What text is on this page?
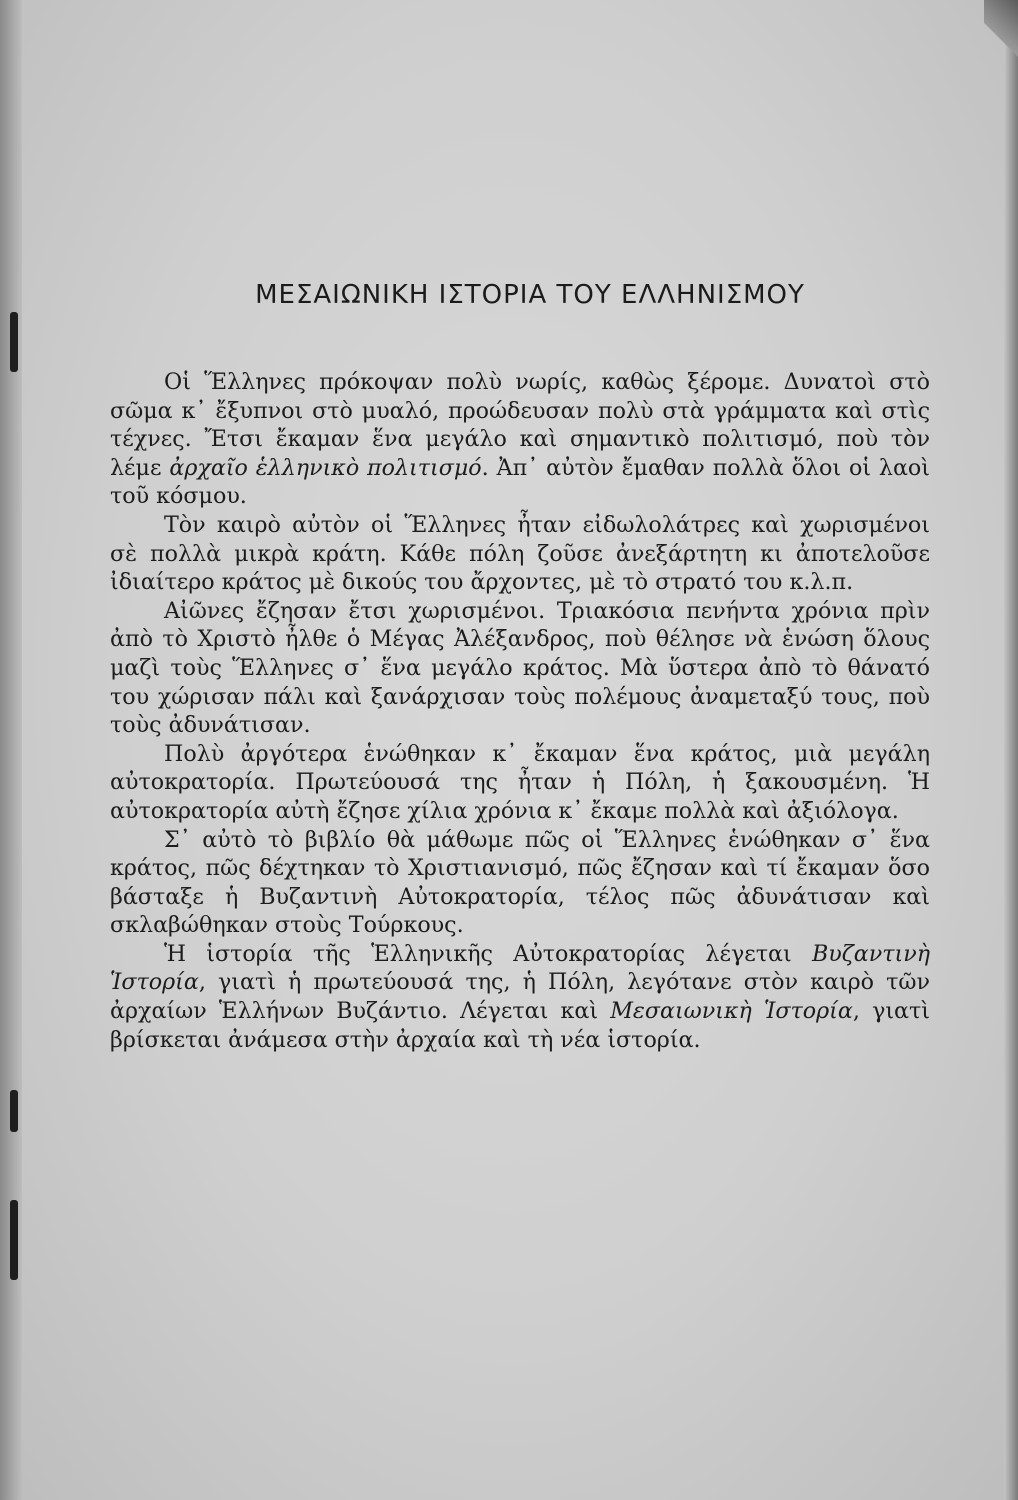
ΜΕΣΑΙΩΝΙΚΗ ΙΣΤΟΡΙΑ ΤΟΥ ΕΛΛΗΝΙΣΜΟΥ

Οἱ Ἕλληνες πρόκοψαν πολὺ νωρίς, καθὼς ξέρομε. Δυνατοὶ στὸ σῶμα κ᾽ ἔξυπνοι στὸ μυαλό, προώδευσαν πολὺ στὰ γράμματα καὶ στὶς τέχνες. Ἔτσι ἔκαμαν ἕνα μεγάλο καὶ σημαντικὸ πολιτισμό, ποὺ τὸν λέμε ἀρχαῖο ἑλληνικὸ πολιτισμό. Ἀπ᾽ αὐτὸν ἔμαθαν πολλὰ ὅλοι οἱ λαοὶ τοῦ κόσμου.

Τὸν καιρὸ αὐτὸν οἱ Ἕλληνες ἦταν εἰδωλολάτρες καὶ χωρισμένοι σὲ πολλὰ μικρὰ κράτη. Κάθε πόλη ζοῦσε ἀνεξάρτητη κι ἀποτελοῦσε ἰδιαίτερο κράτος μὲ δικούς του ἄρχοντες, μὲ τὸ στρατό του κ.λ.π.

Αἰῶνες ἔζησαν ἔτσι χωρισμένοι. Τριακόσια πενήντα χρόνια πρὶν ἀπὸ τὸ Χριστὸ ἦλθε ὁ Μέγας Ἀλέξανδρος, ποὺ θέλησε νὰ ἑνώση ὅλους μαζὶ τοὺς Ἕλληνες σ᾽ ἕνα μεγάλο κράτος. Μὰ ὕστερα ἀπὸ τὸ θάνατό του χώρισαν πάλι καὶ ξανάρχισαν τοὺς πολέμους ἀναμεταξύ τους, ποὺ τοὺς ἀδυνάτισαν.

Πολὺ ἀργότερα ἑνώθηκαν κ᾽ ἔκαμαν ἕνα κράτος, μιὰ μεγάλη αὐτοκρατορία. Πρωτεύουσά της ἦταν ἡ Πόλη, ἡ ξακουσμένη. Ἡ αὐτοκρατορία αὐτὴ ἔζησε χίλια χρόνια κ᾽ ἔκαμε πολλὰ καὶ ἀξιόλογα.

Σ᾽ αὐτὸ τὸ βιβλίο θὰ μάθωμε πῶς οἱ Ἕλληνες ἑνώθηκαν σ᾽ ἕνα κράτος, πῶς δέχτηκαν τὸ Χριστιανισμό, πῶς ἔζησαν καὶ τί ἔκαμαν ὅσο βάσταξε ἡ Βυζαντινὴ Αὐτοκρατορία, τέλος πῶς ἀδυνάτισαν καὶ σκλαβώθηκαν στοὺς Τούρκους.

Ἡ ἱστορία τῆς Ἑλληνικῆς Αὐτοκρατορίας λέγεται Βυζαντινὴ Ἱστορία, γιατὶ ἡ πρωτεύουσά της, ἡ Πόλη, λεγότανε στὸν καιρὸ τῶν ἀρχαίων Ἑλλήνων Βυζάντιο. Λέγεται καὶ Μεσαιωνικὴ Ἱστορία, γιατὶ βρίσκεται ἀνάμεσα στὴν ἀρχαία καὶ τὴ νέα ἱστορία.
